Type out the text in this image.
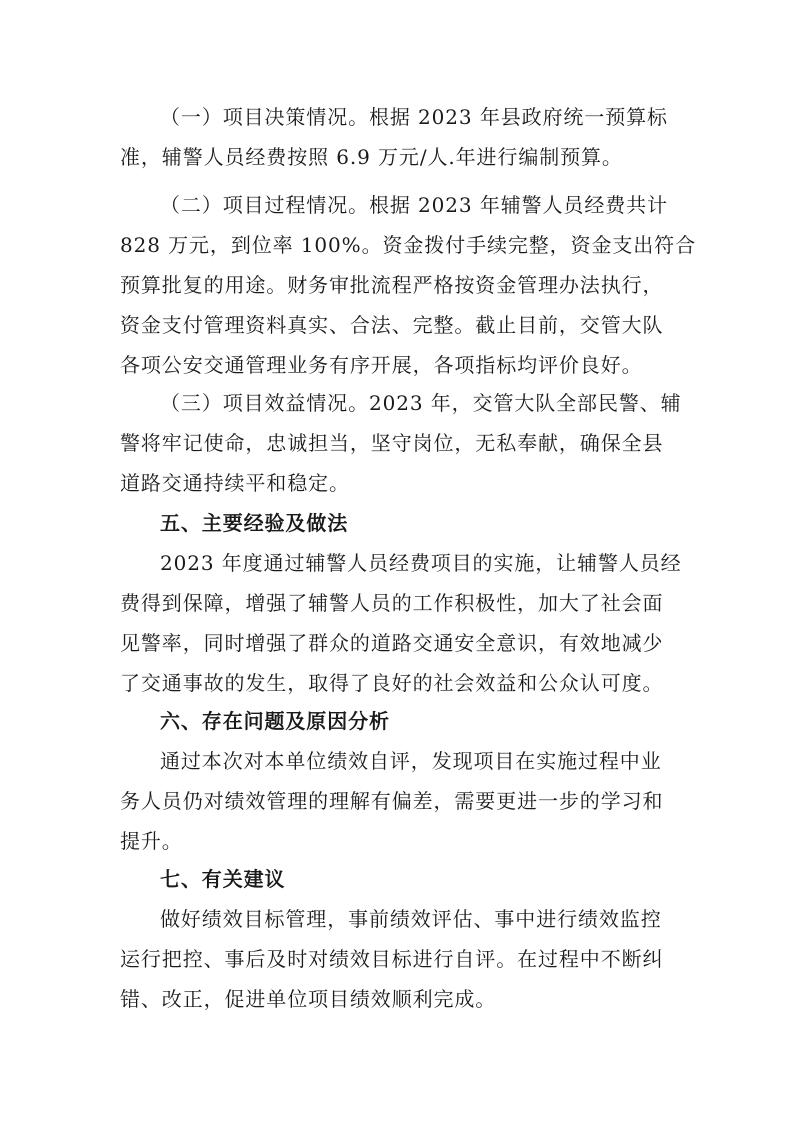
（一）项目决策情况。根据 2023 年县政府统一预算标
准，辅警人员经费按照 6.9 万元/人.年进行编制预算。
（二）项目过程情况。根据 2023 年辅警人员经费共计
828 万元，到位率 100%。资金拨付手续完整，资金支出符合
预算批复的用途。财务审批流程严格按资金管理办法执行，
资金支付管理资料真实、合法、完整。截止目前，交管大队
各项公安交通管理业务有序开展，各项指标均评价良好。
（三）项目效益情况。2023 年，交管大队全部民警、辅
警将牢记使命，忠诚担当，坚守岗位，无私奉献，确保全县
道路交通持续平和稳定。
五、主要经验及做法
2023 年度通过辅警人员经费项目的实施，让辅警人员经
费得到保障，增强了辅警人员的工作积极性，加大了社会面
见警率，同时增强了群众的道路交通安全意识，有效地减少
了交通事故的发生，取得了良好的社会效益和公众认可度。
六、存在问题及原因分析
通过本次对本单位绩效自评，发现项目在实施过程中业
务人员仍对绩效管理的理解有偏差，需要更进一步的学习和
提升。
七、有关建议
做好绩效目标管理，事前绩效评估、事中进行绩效监控
运行把控、事后及时对绩效目标进行自评。在过程中不断纠
错、改正，促进单位项目绩效顺利完成。
